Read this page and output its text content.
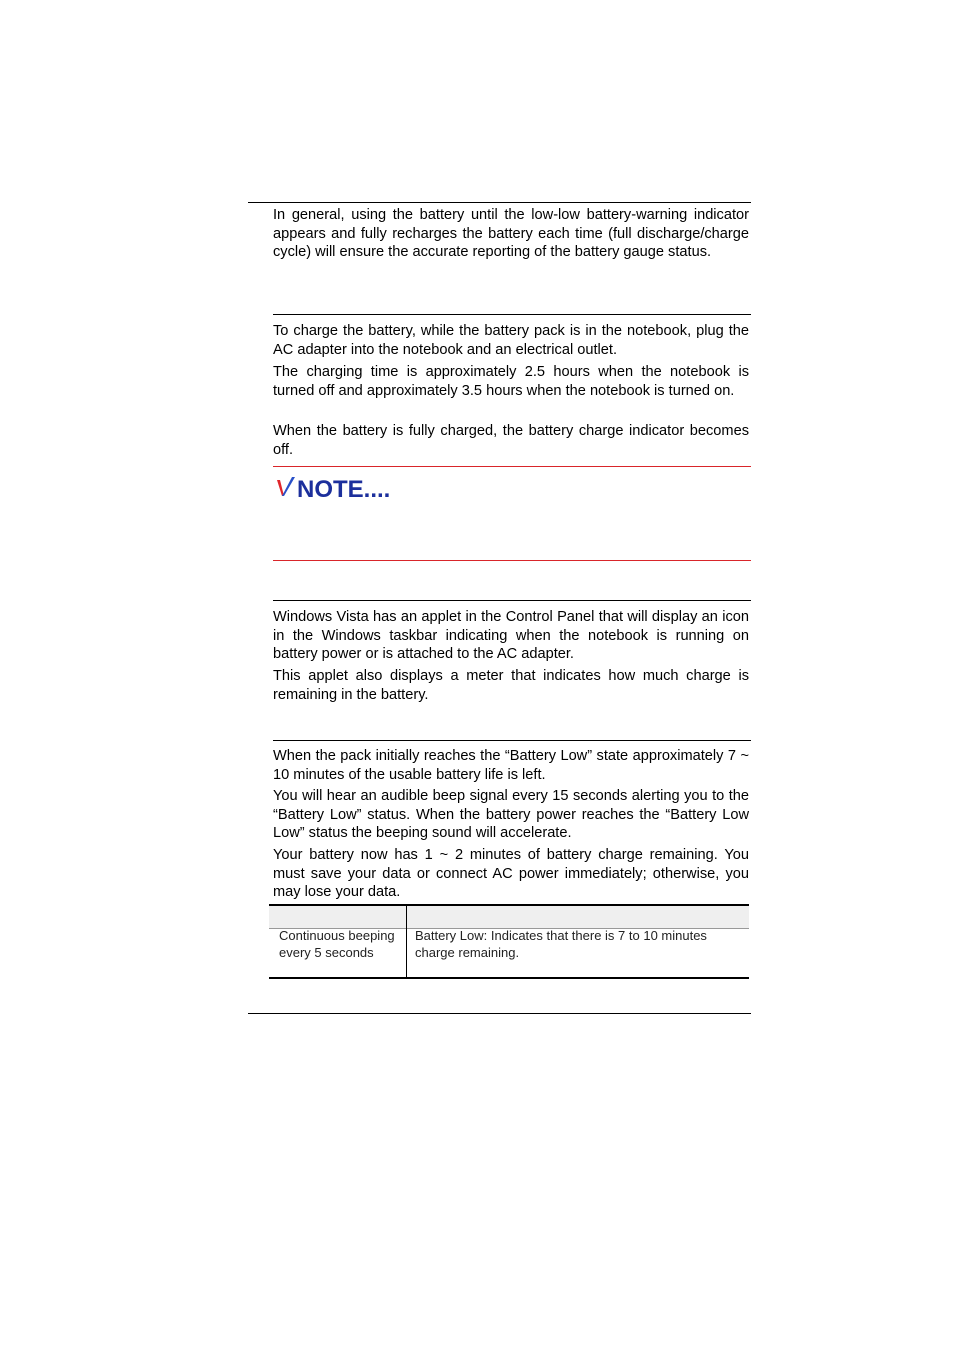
In general, using the battery until the low-low battery-warning indicator appears and fully recharges the battery each time (full discharge/charge cycle) will ensure the accurate reporting of the battery gauge status.

To charge the battery, while the battery pack is in the notebook, plug the AC adapter into the notebook and an electrical outlet.

The charging time is approximately 2.5 hours when the notebook is turned off and approximately 3.5 hours when the notebook is turned on.

When the battery is fully charged, the battery charge indicator becomes off.

NOTE....

Windows Vista has an applet in the Control Panel that will display an icon in the Windows taskbar indicating when the notebook is running on battery power or is attached to the AC adapter.

This applet also displays a meter that indicates how much charge is remaining in the battery.

When the pack initially reaches the “Battery Low” state approximately 7 ~ 10 minutes of the usable battery life is left.

You will hear an audible beep signal every 15 seconds alerting you to the “Battery Low” status. When the battery power reaches the “Battery Low Low” status the beeping sound will accelerate.

Your battery now has 1 ~ 2 minutes of battery charge remaining. You must save your data or connect AC power immediately; otherwise, you may lose your data.

Continuous beeping every 5 seconds
Battery Low: Indicates that there is 7 to 10 minutes charge remaining.
